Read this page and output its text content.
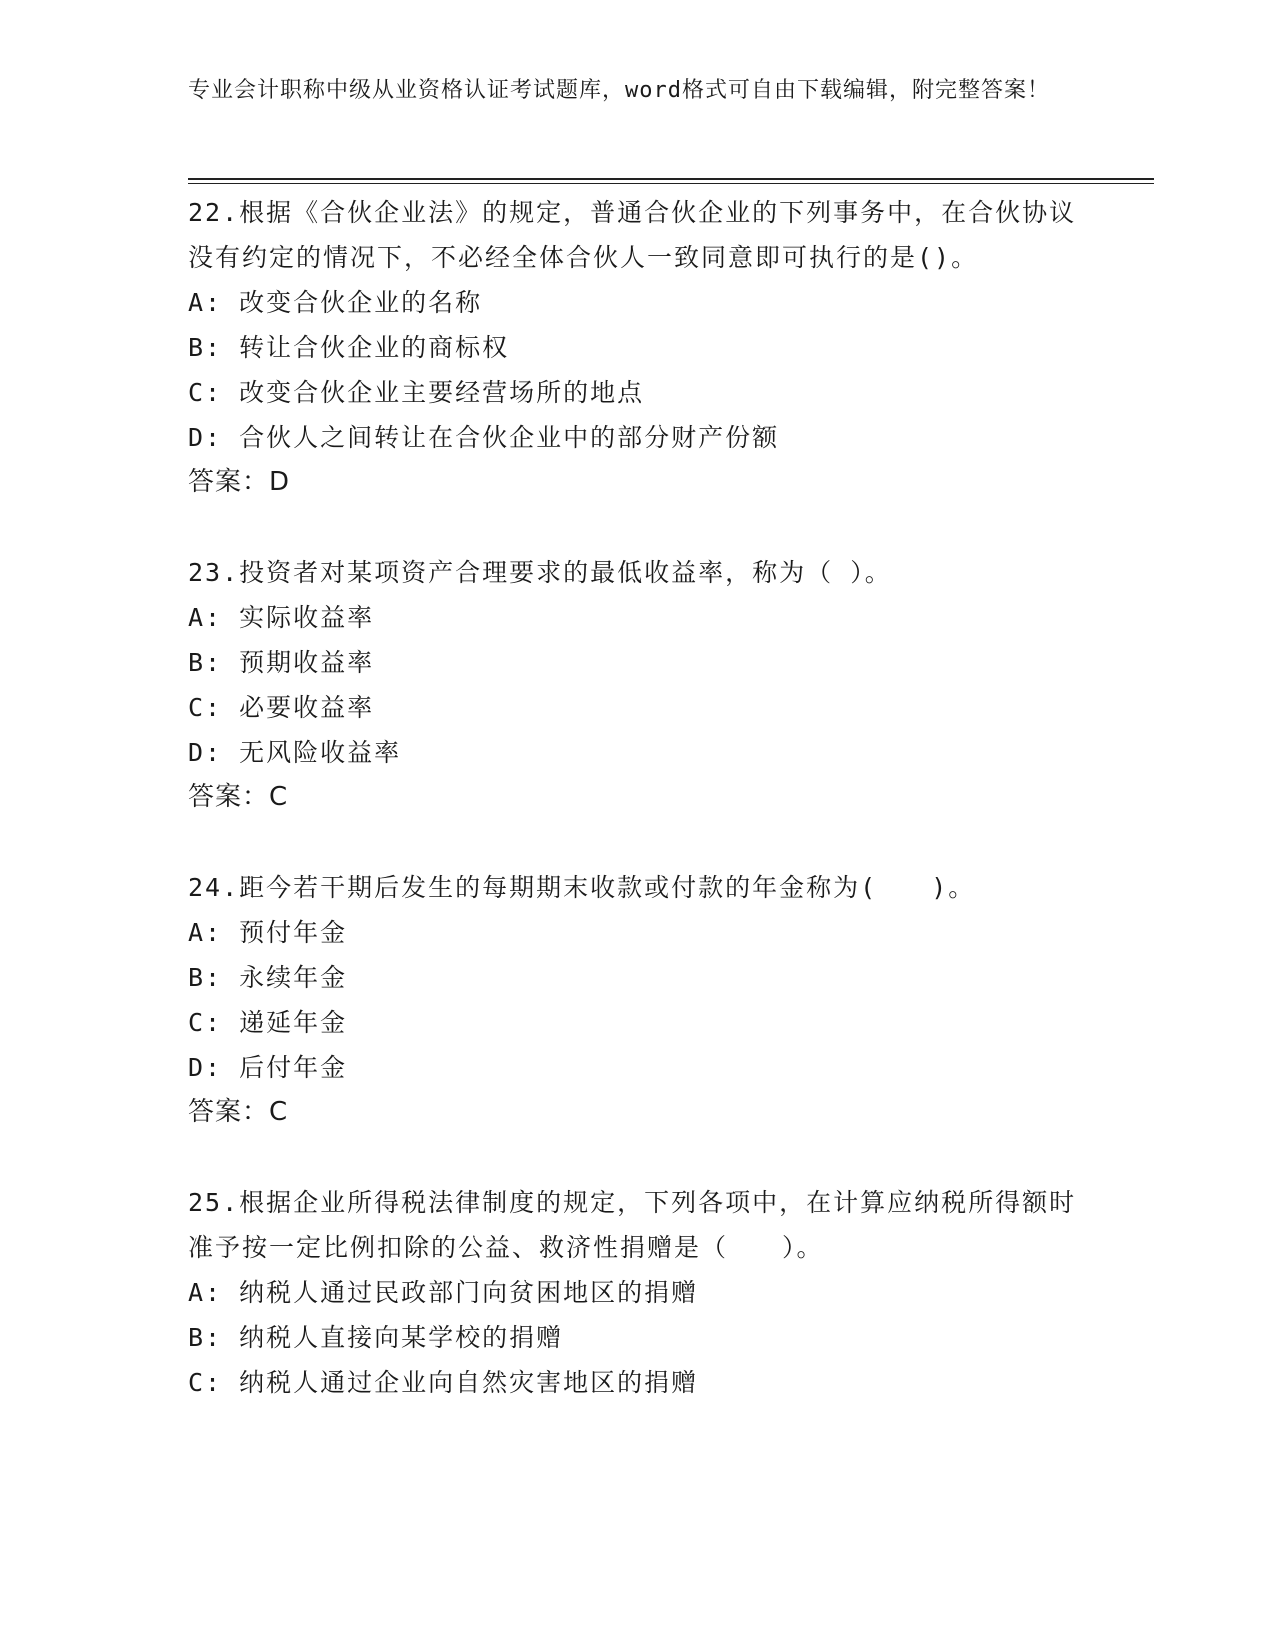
专业会计职称中级从业资格认证考试题库，word格式可自由下载编辑，附完整答案！
22.根据《合伙企业法》的规定，普通合伙企业的下列事务中，在合伙协议没有约定的情况下，不必经全体合伙人一致同意即可执行的是()。
A: 改变合伙企业的名称
B: 转让合伙企业的商标权
C: 改变合伙企业主要经营场所的地点
D: 合伙人之间转让在合伙企业中的部分财产份额
答案：D
23.投资者对某项资产合理要求的最低收益率，称为（ ）。
A: 实际收益率
B: 预期收益率
C: 必要收益率
D: 无风险收益率
答案：C
24.距今若干期后发生的每期期末收款或付款的年金称为(　　)。
A: 预付年金
B: 永续年金
C: 递延年金
D: 后付年金
答案：C
25.根据企业所得税法律制度的规定，下列各项中，在计算应纳税所得额时准予按一定比例扣除的公益、救济性捐赠是（　　）。
A: 纳税人通过民政部门向贫困地区的捐赠
B: 纳税人直接向某学校的捐赠
C: 纳税人通过企业向自然灾害地区的捐赠
